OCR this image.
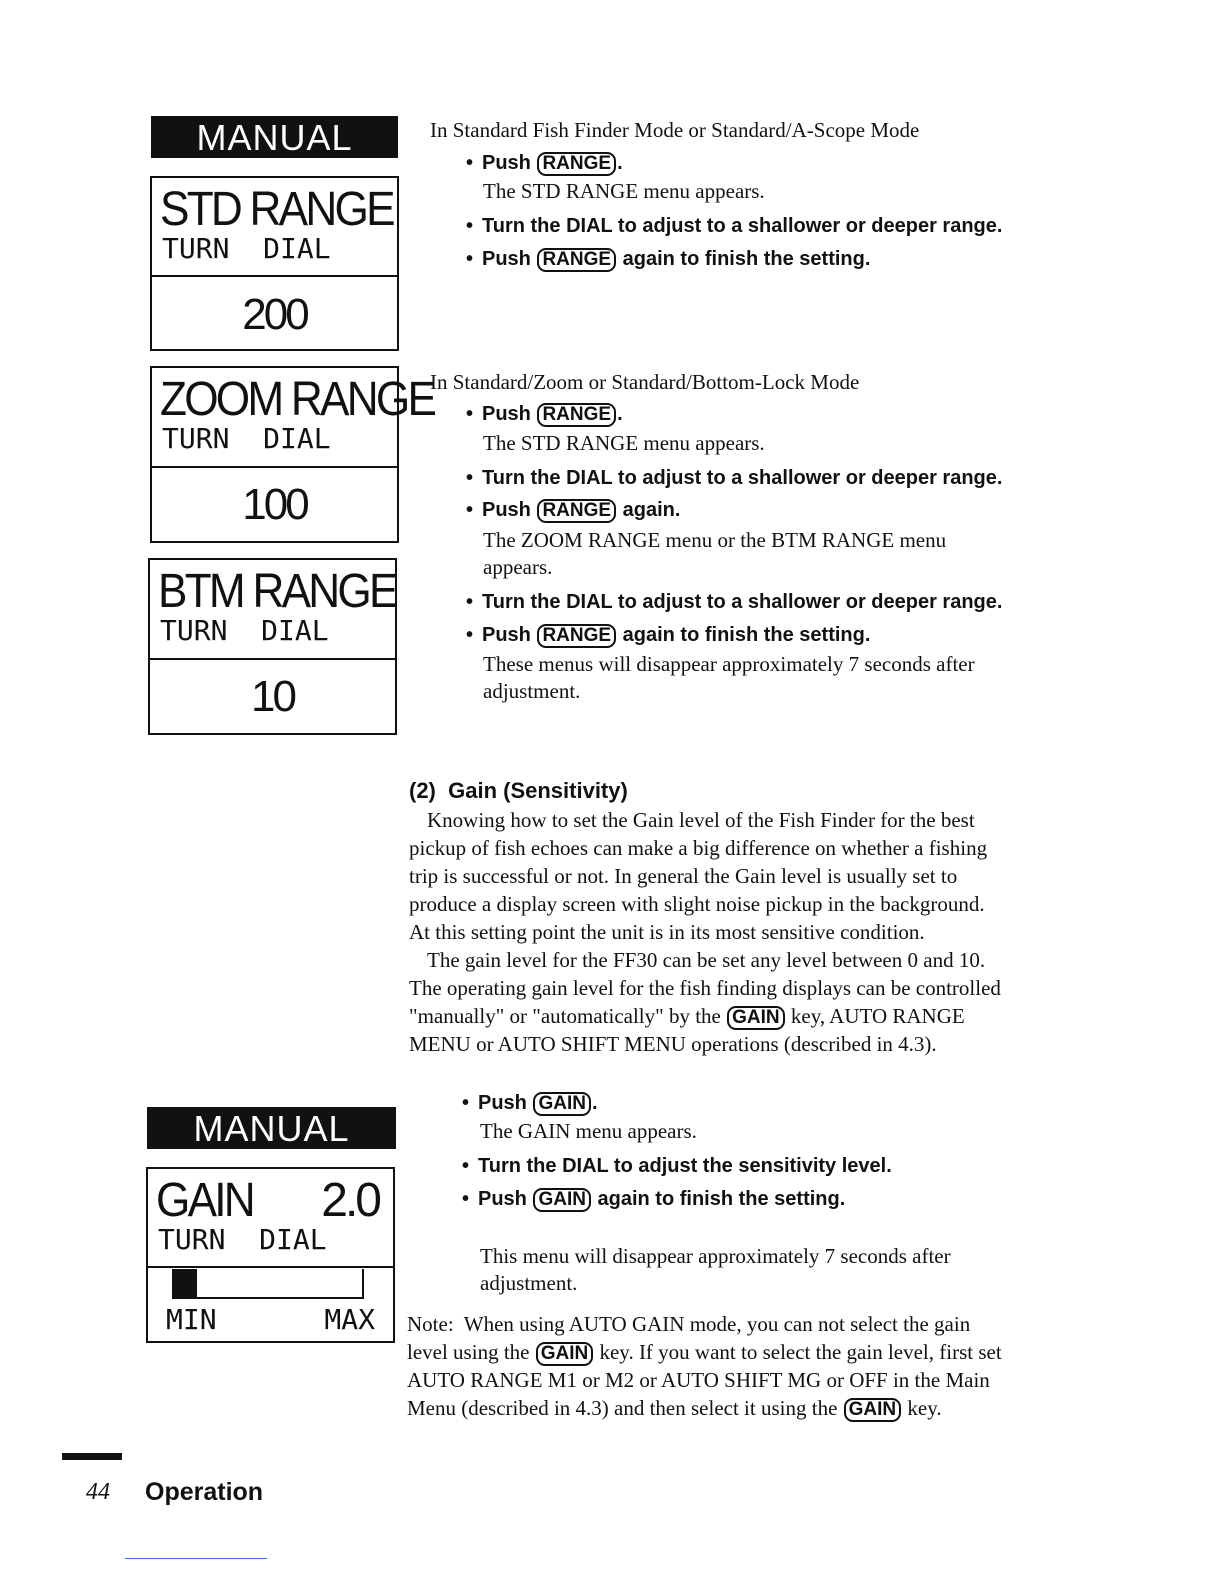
MANUAL
STD RANGE
TURN  DIAL
200
ZOOM RANGE
TURN  DIAL
100
BTM RANGE
TURN  DIAL
10
MANUAL
GAIN 2.0
TURN  DIAL
MIN	MAX
In Standard Fish Finder Mode or Standard/A-Scope Mode
• Push RANGE .
The STD RANGE menu appears.
• Turn the DIAL to adjust to a shallower or deeper range.
• Push RANGE again to finish the setting.
In Standard/Zoom or Standard/Bottom-Lock Mode
• Push RANGE .
The STD RANGE menu appears.
• Turn the DIAL to adjust to a shallower or deeper range.
• Push RANGE again.
The ZOOM RANGE menu or the BTM RANGE menu
appears.
• Turn the DIAL to adjust to a shallower or deeper range.
• Push RANGE again to finish the setting.
These menus will disappear approximately 7 seconds after
adjustment.
(2)  Gain (Sensitivity)
Knowing how to set the Gain level of the Fish Finder for the best
pickup of fish echoes can make a big difference on whether a fishing
trip is successful or not. In general the Gain level is usually set to
produce a display screen with slight noise pickup in the background.
At this setting point the unit is in its most sensitive condition.
The gain level for the FF30 can be set any level between 0 and 10.
The operating gain level for the fish finding displays can be controlled
"manually" or "automatically" by the GAIN key, AUTO RANGE
MENU or AUTO SHIFT MENU operations (described in 4.3).
• Push GAIN .
The GAIN menu appears.
• Turn the DIAL to adjust the sensitivity level.
• Push GAIN again to finish the setting.
This menu will disappear approximately 7 seconds after
adjustment.
Note:  When using AUTO GAIN mode, you can not select the gain
level using the GAIN key. If you want to select the gain level, first set
AUTO RANGE M1 or M2 or AUTO SHIFT MG or OFF in the Main
Menu (described in 4.3) and then select it using the GAIN key.
44 Operation
